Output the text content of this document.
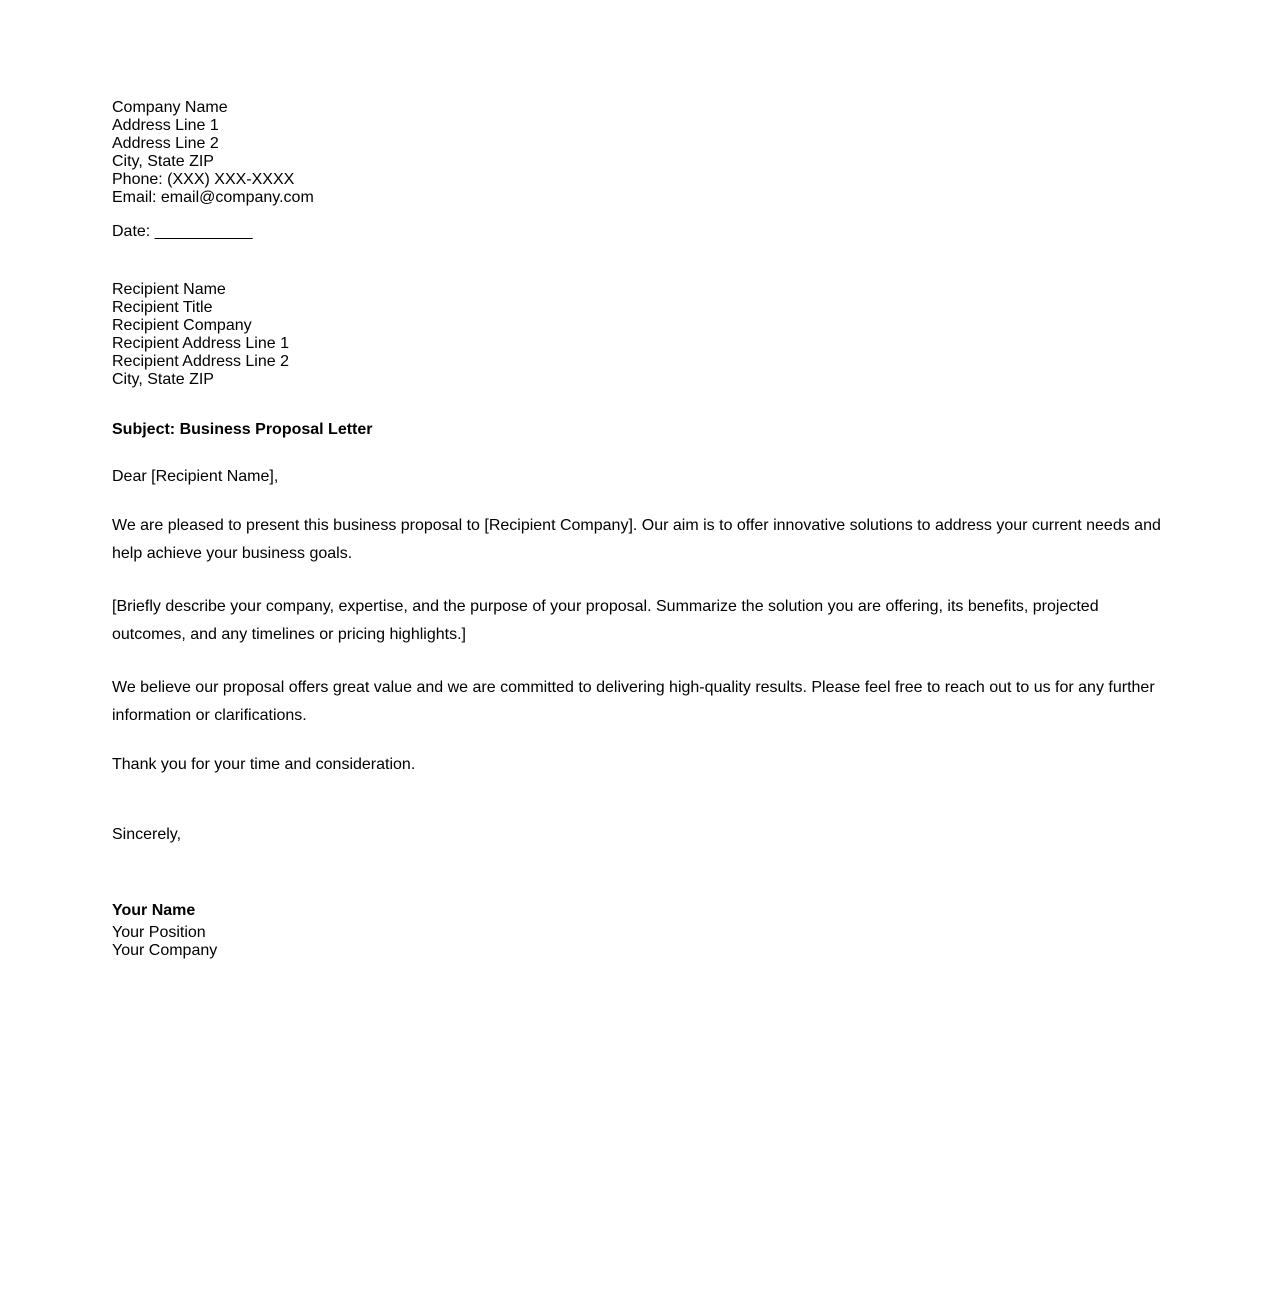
Company Name
Address Line 1
Address Line 2
City, State ZIP
Phone: (XXX) XXX-XXXX
Email: email@company.com
Date: ___________
Recipient Name
Recipient Title
Recipient Company
Recipient Address Line 1
Recipient Address Line 2
City, State ZIP
Subject: Business Proposal Letter
Dear [Recipient Name],

We are pleased to present this business proposal to [Recipient Company]. Our aim is to offer innovative solutions to address your current needs and help achieve your business goals.

[Briefly describe your company, expertise, and the purpose of your proposal. Summarize the solution you are offering, its benefits, projected outcomes, and any timelines or pricing highlights.]

We believe our proposal offers great value and we are committed to delivering high-quality results. Please feel free to reach out to us for any further information or clarifications.

Thank you for your time and consideration.
Sincerely,
Your Name
Your Position
Your Company
